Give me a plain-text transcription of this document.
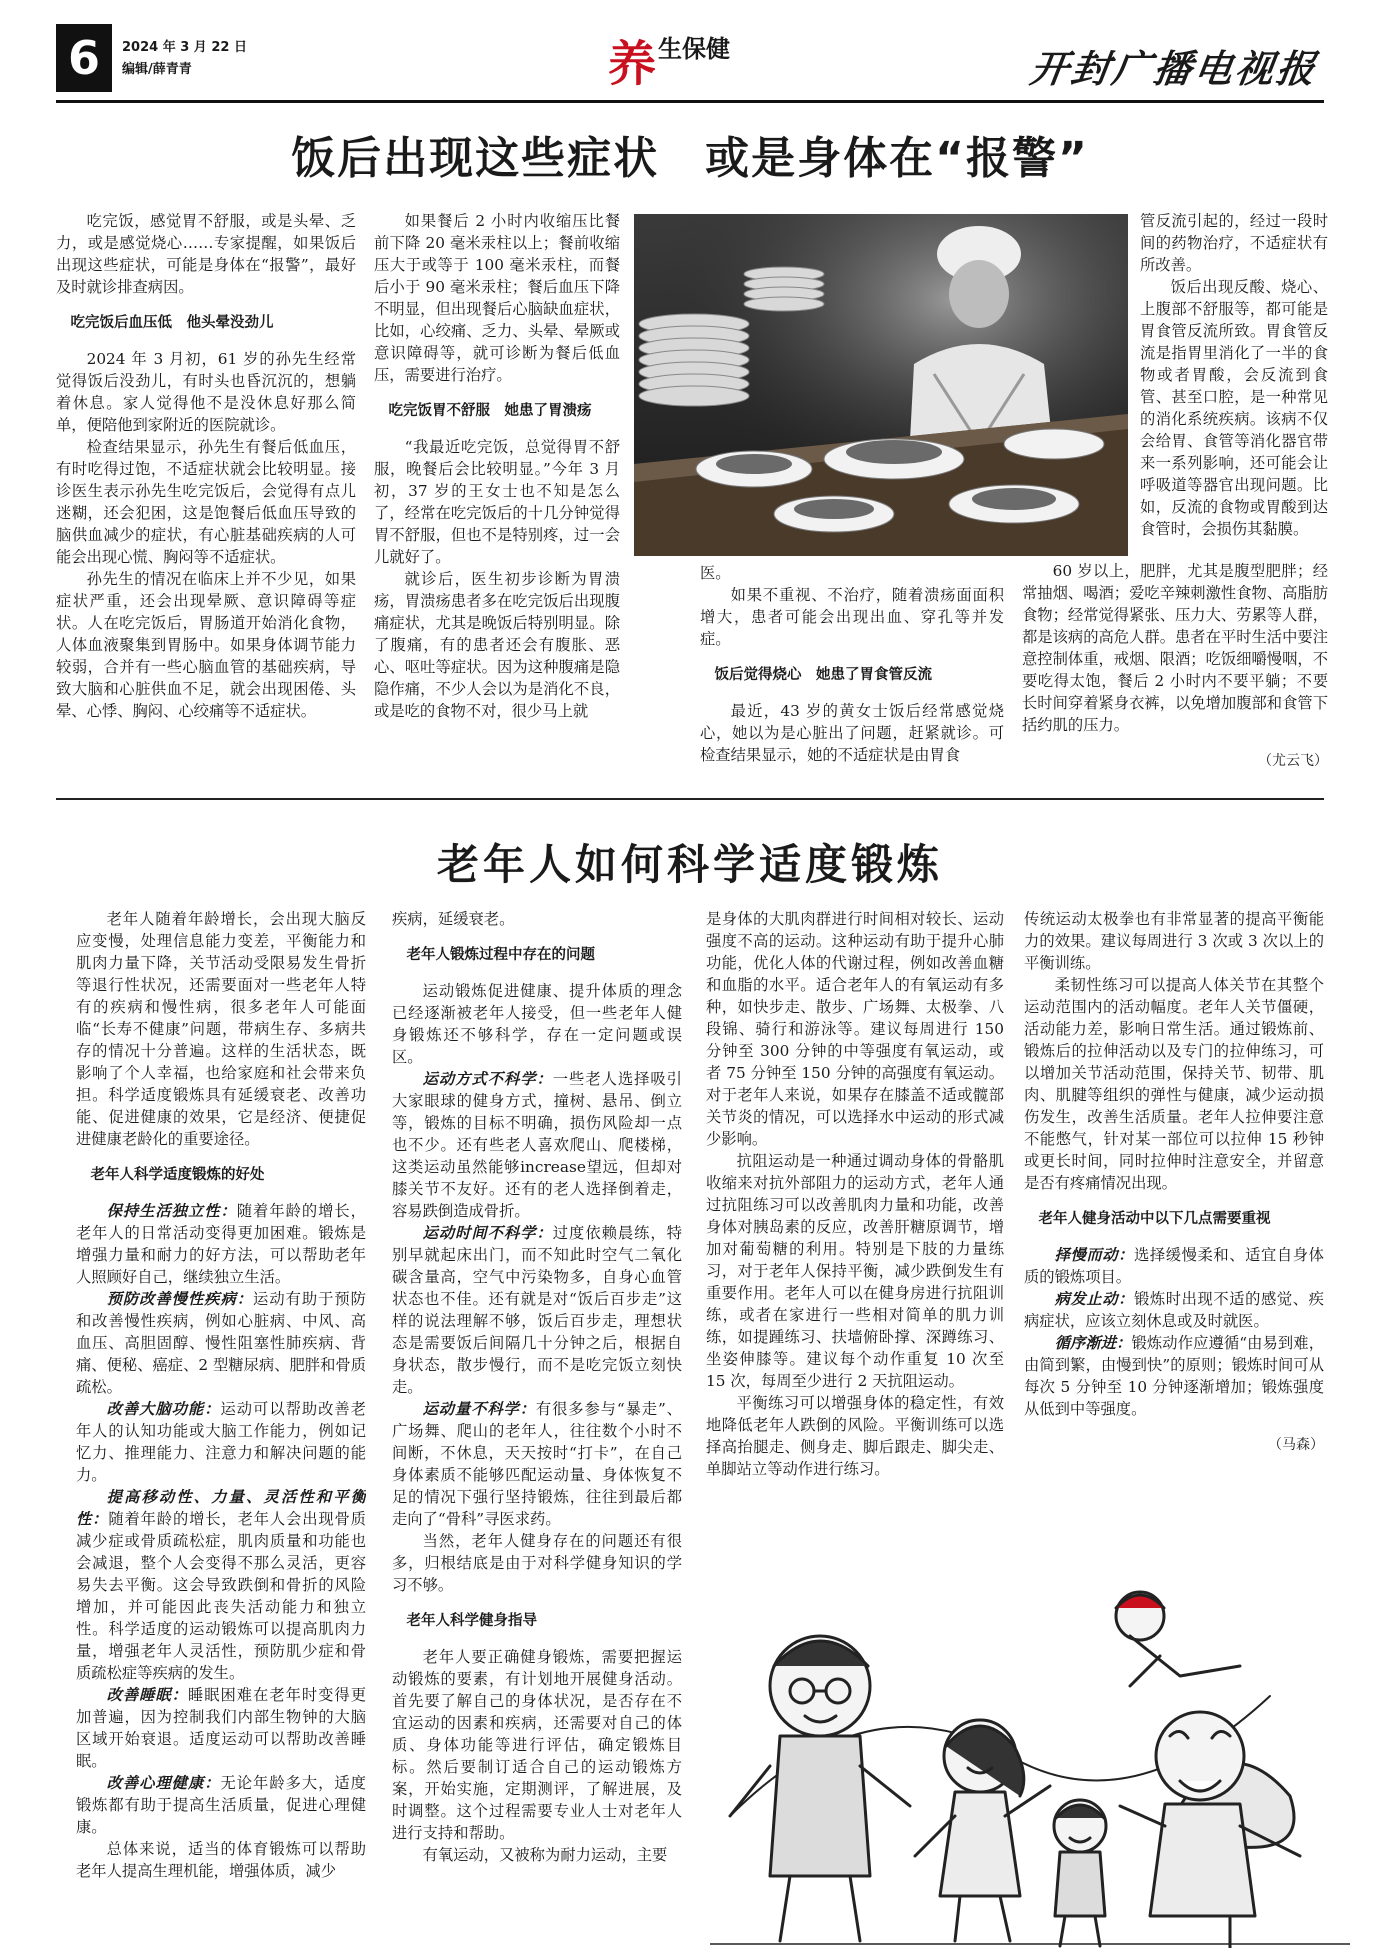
6	2024 年 3 月 22 日
编辑/薛青青	养 生保健	开封广播电视报
饭后出现这些症状　或是身体在“报警”

吃完饭，感觉胃不舒服，或是头晕、乏力，或是感觉烧心……专家提醒，如果饭后出现这些症状，可能是身体在“报警”，最好及时就诊排查病因。

吃完饭后血压低　他头晕没劲儿

2024 年 3 月初，61 岁的孙先生经常觉得饭后没劲儿，有时头也昏沉沉的，想躺着休息。家人觉得他不是没休息好那么简单，便陪他到家附近的医院就诊。

检查结果显示，孙先生有餐后低血压，有时吃得过饱，不适症状就会比较明显。接诊医生表示孙先生吃完饭后，会觉得有点儿迷糊，还会犯困，这是饱餐后低血压导致的脑供血减少的症状，有心脏基础疾病的人可能会出现心慌、胸闷等不适症状。

孙先生的情况在临床上并不少见，如果症状严重，还会出现晕厥、意识障碍等症状。人在吃完饭后，胃肠道开始消化食物，人体血液聚集到胃肠中。如果身体调节能力较弱，合并有一些心脑血管的基础疾病，导致大脑和心脏供血不足，就会出现困倦、头晕、心悸、胸闷、心绞痛等不适症状。

如果餐后 2 小时内收缩压比餐前下降 20 毫米汞柱以上；餐前收缩压大于或等于 100 毫米汞柱，而餐后小于 90 毫米汞柱；餐后血压下降不明显，但出现餐后心脑缺血症状，比如，心绞痛、乏力、头晕、晕厥或意识障碍等，就可诊断为餐后低血压，需要进行治疗。

吃完饭胃不舒服　她患了胃溃疡

“我最近吃完饭，总觉得胃不舒服，晚餐后会比较明显。”今年 3 月初，37 岁的王女士也不知是怎么了，经常在吃完饭后的十几分钟觉得胃不舒服，但也不是特别疼，过一会儿就好了。

就诊后，医生初步诊断为胃溃疡，胃溃疡患者多在吃完饭后出现腹痛症状，尤其是晚饭后特别明显。除了腹痛，有的患者还会有腹胀、恶心、呕吐等症状。因为这种腹痛是隐隐作痛，不少人会以为是消化不良，或是吃的食物不对，很少马上就

医。

如果不重视、不治疗，随着溃疡面面积增大，患者可能会出现出血、穿孔等并发症。

饭后觉得烧心　她患了胃食管反流

最近，43 岁的黄女士饭后经常感觉烧心，她以为是心脏出了问题，赶紧就诊。可检查结果显示，她的不适症状是由胃食

管反流引起的，经过一段时间的药物治疗，不适症状有所改善。

饭后出现反酸、烧心、上腹部不舒服等，都可能是胃食管反流所致。胃食管反流是指胃里消化了一半的食物或者胃酸，会反流到食管、甚至口腔，是一种常见的消化系统疾病。该病不仅会给胃、食管等消化器官带来一系列影响，还可能会让呼吸道等器官出现问题。比如，反流的食物或胃酸到达食管时，会损伤其黏膜。

60 岁以上，肥胖，尤其是腹型肥胖；经常抽烟、喝酒；爱吃辛辣刺激性食物、高脂肪食物；经常觉得紧张、压力大、劳累等人群，都是该病的高危人群。患者在平时生活中要注意控制体重，戒烟、限酒；吃饭细嚼慢咽，不要吃得太饱，餐后 2 小时内不要平躺；不要长时间穿着紧身衣裤，以免增加腹部和食管下括约肌的压力。

（尤云飞）
老年人如何科学适度锻炼

老年人随着年龄增长，会出现大脑反应变慢，处理信息能力变差，平衡能力和肌肉力量下降，关节活动受限易发生骨折等退行性状况，还需要面对一些老年人特有的疾病和慢性病，很多老年人可能面临“长寿不健康”问题，带病生存、多病共存的情况十分普遍。这样的生活状态，既影响了个人幸福，也给家庭和社会带来负担。科学适度锻炼具有延缓衰老、改善功能、促进健康的效果，它是经济、便捷促进健康老龄化的重要途径。

老年人科学适度锻炼的好处

保持生活独立性：随着年龄的增长，老年人的日常活动变得更加困难。锻炼是增强力量和耐力的好方法，可以帮助老年人照顾好自己，继续独立生活。

预防改善慢性疾病：运动有助于预防和改善慢性疾病，例如心脏病、中风、高血压、高胆固醇、慢性阻塞性肺疾病、背痛、便秘、癌症、2 型糖尿病、肥胖和骨质疏松。

改善大脑功能：运动可以帮助改善老年人的认知功能或大脑工作能力，例如记忆力、推理能力、注意力和解决问题的能力。

提高移动性、力量、灵活性和平衡性：随着年龄的增长，老年人会出现骨质减少症或骨质疏松症，肌肉质量和功能也会减退，整个人会变得不那么灵活，更容易失去平衡。这会导致跌倒和骨折的风险增加，并可能因此丧失活动能力和独立性。科学适度的运动锻炼可以提高肌肉力量，增强老年人灵活性，预防肌少症和骨质疏松症等疾病的发生。

改善睡眠：睡眠困难在老年时变得更加普遍，因为控制我们内部生物钟的大脑区域开始衰退。适度运动可以帮助改善睡眠。

改善心理健康：无论年龄多大，适度锻炼都有助于提高生活质量，促进心理健康。

总体来说，适当的体育锻炼可以帮助老年人提高生理机能，增强体质，减少

疾病，延缓衰老。

老年人锻炼过程中存在的问题

运动锻炼促进健康、提升体质的理念已经逐渐被老年人接受，但一些老年人健身锻炼还不够科学，存在一定问题或误区。

运动方式不科学：一些老人选择吸引大家眼球的健身方式，撞树、悬吊、倒立等，锻炼的目标不明确，损伤风险却一点也不少。还有些老人喜欢爬山、爬楼梯，这类运动虽然能够increase望远，但却对膝关节不友好。还有的老人选择倒着走，容易跌倒造成骨折。

运动时间不科学：过度依赖晨练，特别早就起床出门，而不知此时空气二氧化碳含量高，空气中污染物多，自身心血管状态也不佳。还有就是对“饭后百步走”这样的说法理解不够，饭后百步走，理想状态是需要饭后间隔几十分钟之后，根据自身状态，散步慢行，而不是吃完饭立刻快走。

运动量不科学：有很多参与“暴走”、广场舞、爬山的老年人，往往数个小时不间断，不休息，天天按时“打卡”，在自己身体素质不能够匹配运动量、身体恢复不足的情况下强行坚持锻炼，往往到最后都走向了“骨科”寻医求药。

当然，老年人健身存在的问题还有很多，归根结底是由于对科学健身知识的学习不够。

老年人科学健身指导

老年人要正确健身锻炼，需要把握运动锻炼的要素，有计划地开展健身活动。首先要了解自己的身体状况，是否存在不宜运动的因素和疾病，还需要对自己的体质、身体功能等进行评估，确定锻炼目标。然后要制订适合自己的运动锻炼方案，开始实施，定期测评，了解进展，及时调整。这个过程需要专业人士对老年人进行支持和帮助。

有氧运动，又被称为耐力运动，主要

是身体的大肌肉群进行时间相对较长、运动强度不高的运动。这种运动有助于提升心肺功能，优化人体的代谢过程，例如改善血糖和血脂的水平。适合老年人的有氧运动有多种，如快步走、散步、广场舞、太极拳、八段锦、骑行和游泳等。建议每周进行 150 分钟至 300 分钟的中等强度有氧运动，或者 75 分钟至 150 分钟的高强度有氧运动。对于老年人来说，如果存在膝盖不适或髋部关节炎的情况，可以选择水中运动的形式减少影响。

抗阻运动是一种通过调动身体的骨骼肌收缩来对抗外部阻力的运动方式，老年人通过抗阻练习可以改善肌肉力量和功能，改善身体对胰岛素的反应，改善肝糖原调节，增加对葡萄糖的利用。特别是下肢的力量练习，对于老年人保持平衡，减少跌倒发生有重要作用。老年人可以在健身房进行抗阻训练，或者在家进行一些相对简单的肌力训练，如提踵练习、扶墙俯卧撑、深蹲练习、坐姿伸膝等。建议每个动作重复 10 次至 15 次，每周至少进行 2 天抗阻运动。

平衡练习可以增强身体的稳定性，有效地降低老年人跌倒的风险。平衡训练可以选择高抬腿走、侧身走、脚后跟走、脚尖走、单脚站立等动作进行练习。

传统运动太极拳也有非常显著的提高平衡能力的效果。建议每周进行 3 次或 3 次以上的平衡训练。

柔韧性练习可以提高人体关节在其整个运动范围内的活动幅度。老年人关节僵硬，活动能力差，影响日常生活。通过锻炼前、锻炼后的拉伸活动以及专门的拉伸练习，可以增加关节活动范围，保持关节、韧带、肌肉、肌腱等组织的弹性与健康，减少运动损伤发生，改善生活质量。老年人拉伸要注意不能憋气，针对某一部位可以拉伸 15 秒钟或更长时间，同时拉伸时注意安全，并留意是否有疼痛情况出现。

老年人健身活动中以下几点需要重视

择慢而动：选择缓慢柔和、适宜自身体质的锻炼项目。

病发止动：锻炼时出现不适的感觉、疾病症状，应该立刻休息或及时就医。

循序渐进：锻炼动作应遵循“由易到难，由简到繁，由慢到快”的原则；锻炼时间可从每次 5 分钟至 10 分钟逐渐增加；锻炼强度从低到中等强度。

（马森）
